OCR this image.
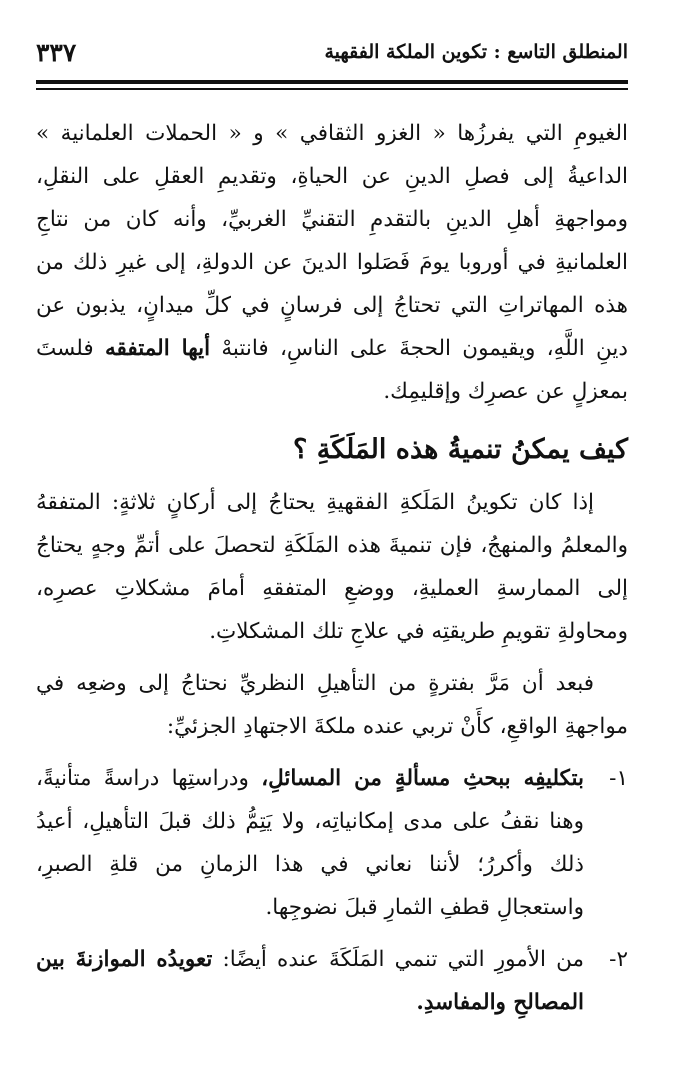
المنطلق التاسع : تكوين الملكة الفقهية
٣٣٧

الغيومِ التي يفرزُها « الغزو الثقافي » و « الحملات العلمانية » الداعيةُ إلى فصلِ الدينِ عن الحياةِ، وتقديمِ العقلِ على النقلِ، ومواجهةِ أهلِ الدينِ بالتقدمِ التقنيِّ الغربيِّ، وأنه كان من نتاجِ العلمانيةِ في أوروبا يومَ فَصَلوا الدينَ عن الدولةِ، إلى غيرِ ذلك من هذه المهاتراتِ التي تحتاجُ إلى فرسانٍ في كلِّ ميدانٍ، يذبون عن دينِ اللَّهِ، ويقيمون الحجةَ على الناسِ، فانتبهْ أيها المتفقه فلستَ بمعزلٍ عن عصرِك وإقليمِك.

كيف يمكنُ تنميةُ هذه المَلَكَةِ ؟

إذا كان تكوينُ المَلَكةِ الفقهيةِ يحتاجُ إلى أركانٍ ثلاثةٍ: المتفقهُ والمعلمُ والمنهجُ، فإن تنميةَ هذه المَلَكَةِ لتحصلَ على أتمِّ وجهٍ يحتاجُ إلى الممارسةِ العمليةِ، ووضعِ المتفقهِ أمامَ مشكلاتِ عصرِه، ومحاولةِ تقويمِ طريقتِه في علاجِ تلك المشكلاتِ.

فبعد أن مَرَّ بفترةٍ من التأهيلِ النظريِّ نحتاجُ إلى وضعِه في مواجهةِ الواقعِ، كأَنْ تربي عنده ملكةَ الاجتهادِ الجزئيِّ:

١-
بتكليفِه ببحثِ مسألةٍ من المسائلِ، ودراستِها دراسةً متأنيةً، وهنا نقفُ على مدى إمكانياتِه، ولا يَتِمُّ ذلك قبلَ التأهيلِ، أعيدُ ذلك وأكررُ؛ لأننا نعاني في هذا الزمانِ من قلةِ الصبرِ، واستعجالِ قطفِ الثمارِ قبلَ نضوجِها.
٢-
من الأمورِ التي تنمي المَلَكَةَ عنده أيضًا: تعويدُه الموازنةَ بين المصالحِ والمفاسدِ.
